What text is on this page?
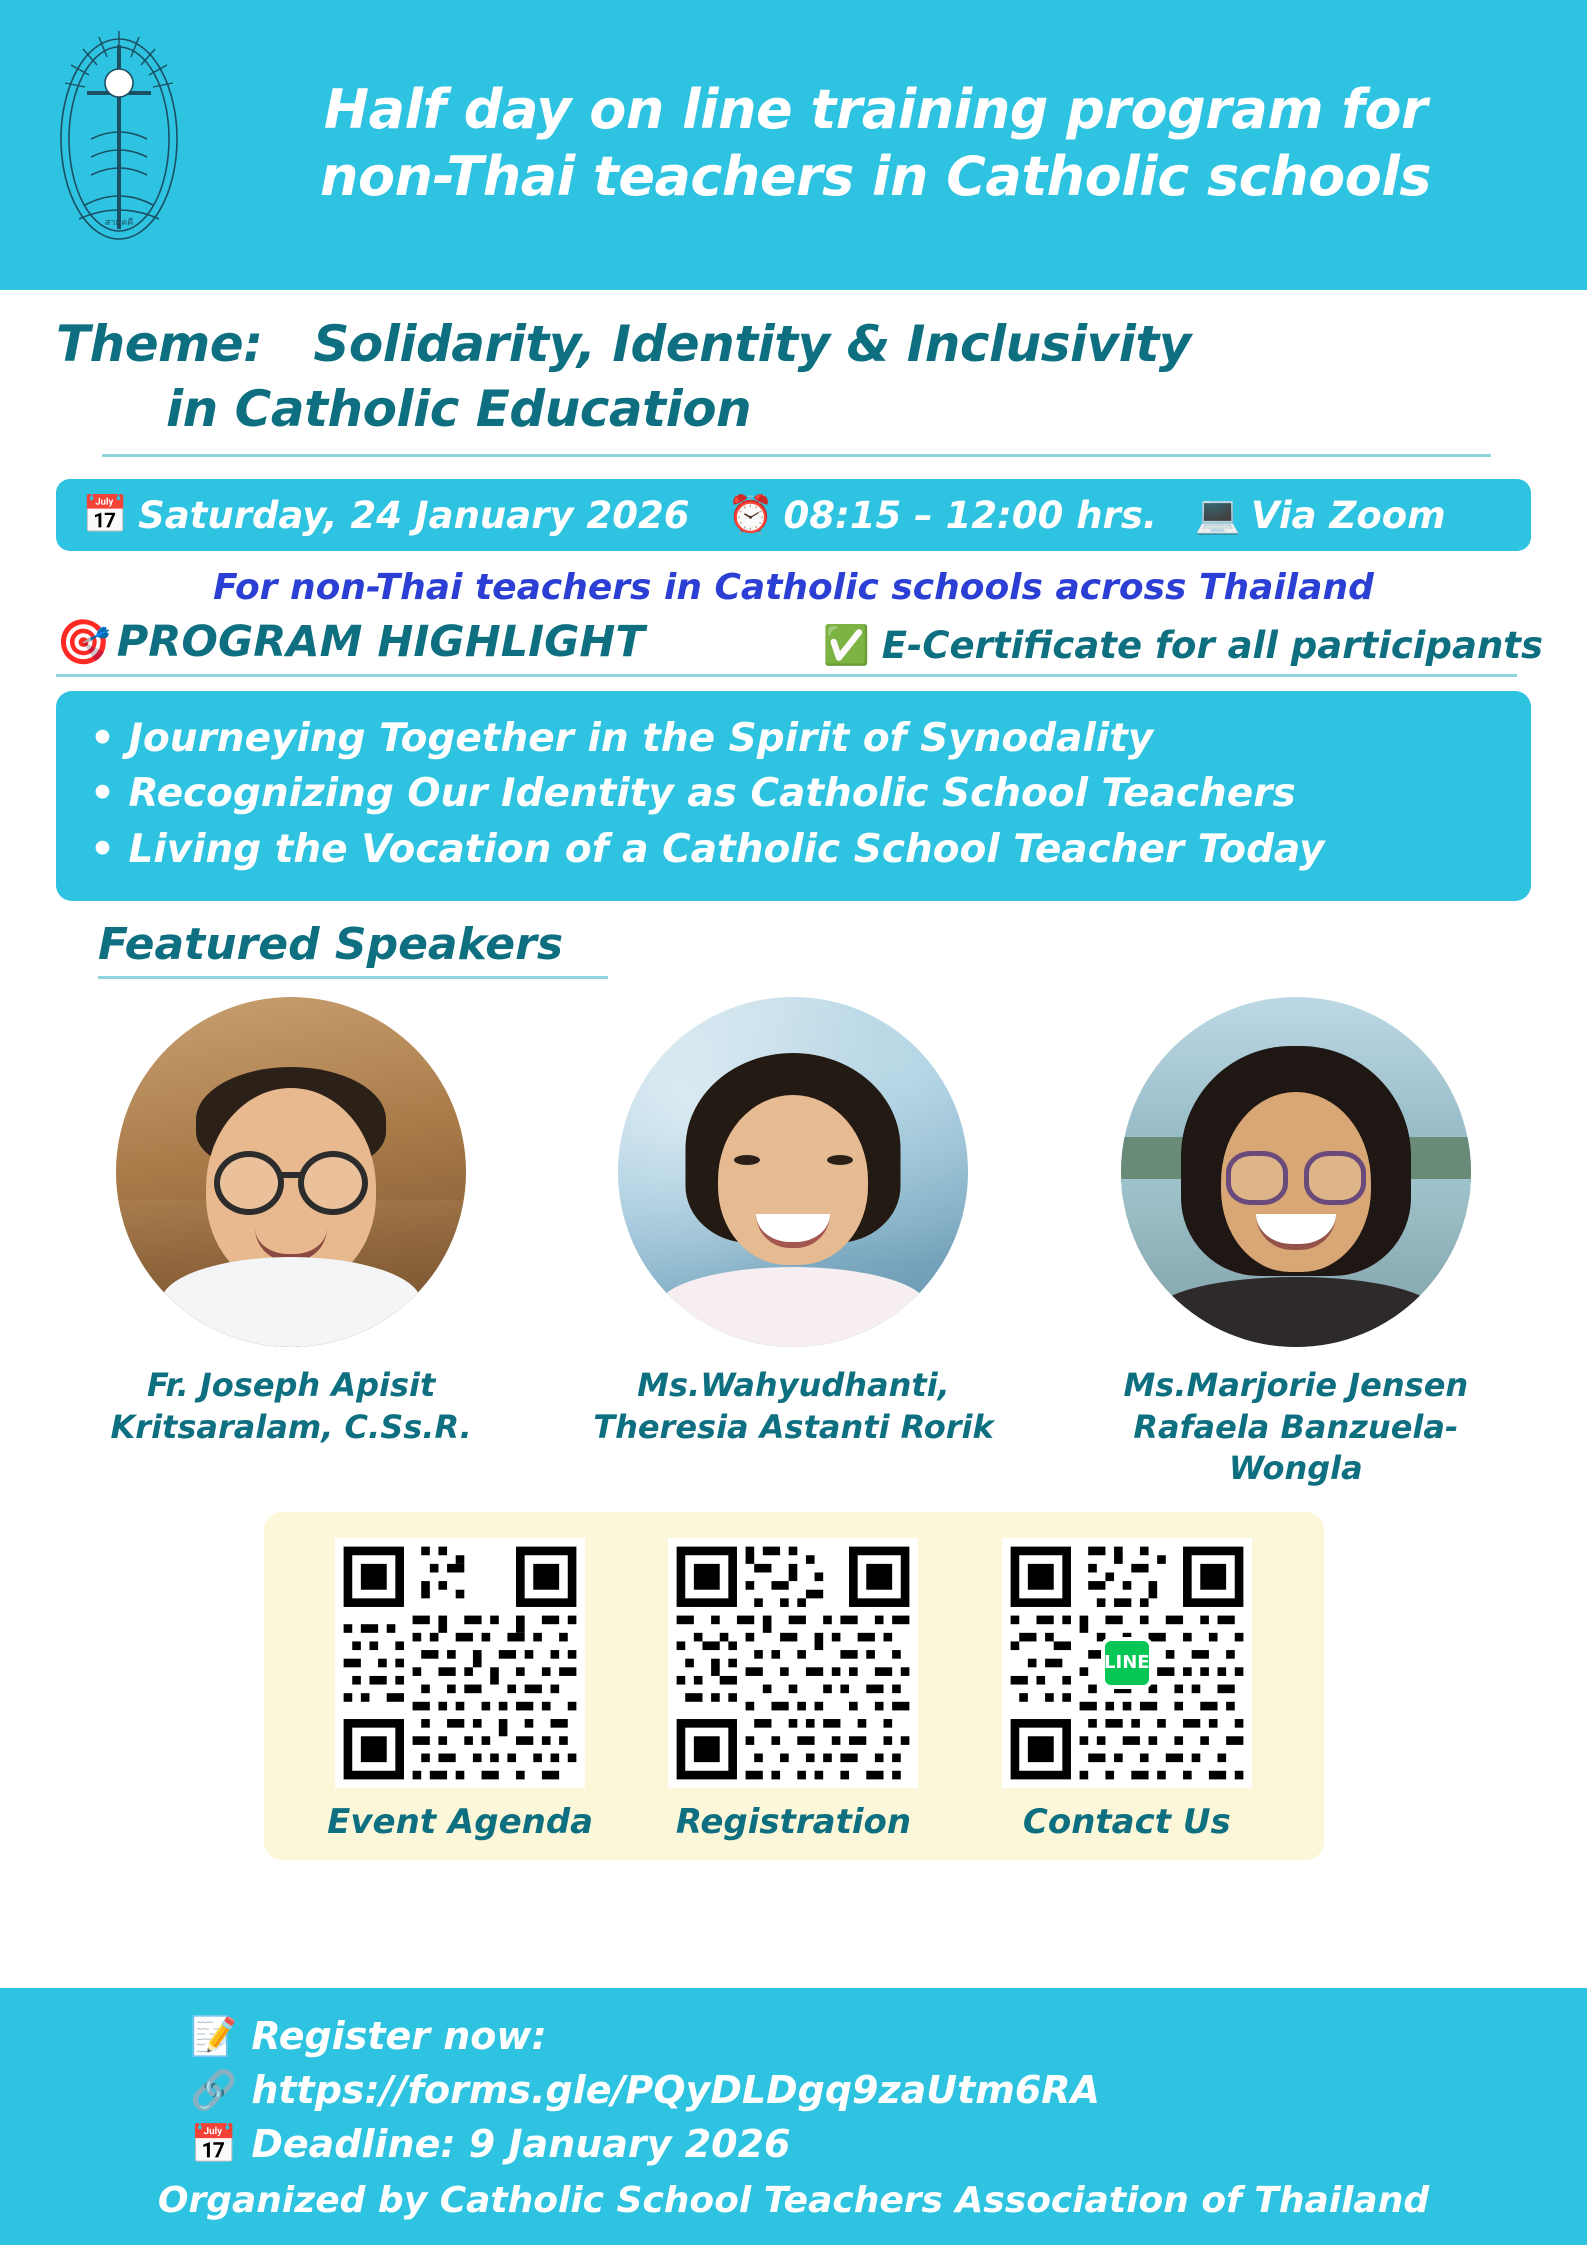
สามัคคี
Half day on line training program for
non-Thai teachers in Catholic schools
Theme: Solidarity, Identity & Inclusivity
in Catholic Education
📅 Saturday, 24 January 2026 ⏰ 08:15 – 12:00 hrs. 💻 Via Zoom
For non-Thai teachers in Catholic schools across Thailand
🎯 PROGRAM HIGHLIGHT	✅ E-Certificate for all participants
• Journeying Together in the Spirit of Synodality
• Recognizing Our Identity as Catholic School Teachers
• Living the Vocation of a Catholic School Teacher Today
Featured Speakers
Fr. Joseph Apisit
Kritsaralam, C.Ss.R.
Ms.Wahyudhanti,
Theresia Astanti Rorik
Ms.Marjorie Jensen
Rafaela Banzuela-Wongla
Event Agenda	Registration
LINE
Contact Us
📝 Register now:
🔗 https://forms.gle/PQyDLDgq9zaUtm6RA
📅 Deadline: 9 January 2026
Organized by Catholic School Teachers Association of Thailand
